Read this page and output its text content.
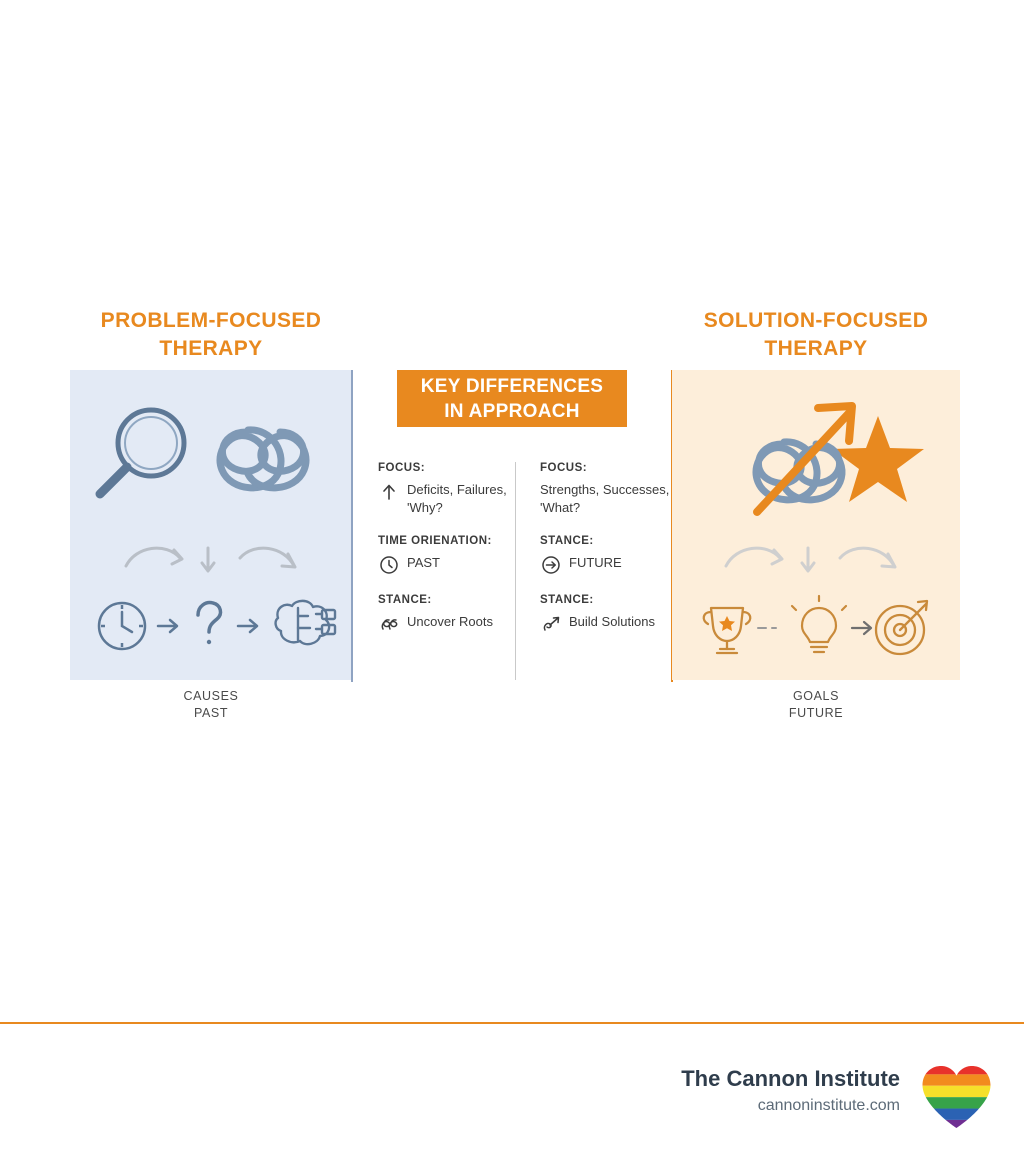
PROBLEM-FOCUSED THERAPY
CAUSES
PAST
KEY DIFFERENCES
IN APPROACH
FOCUS:
Deficits, Failures, 'Why?
TIME ORIENATION:
PAST
STANCE:
Uncover Roots
FOCUS:
Strengths, Successes, 'What?
STANCE:
FUTURE
STANCE:
Build Solutions
SOLUTION-FOCUSED THERAPY
GOALS
FUTURE
The Cannon Institute
cannoninstitute.com
